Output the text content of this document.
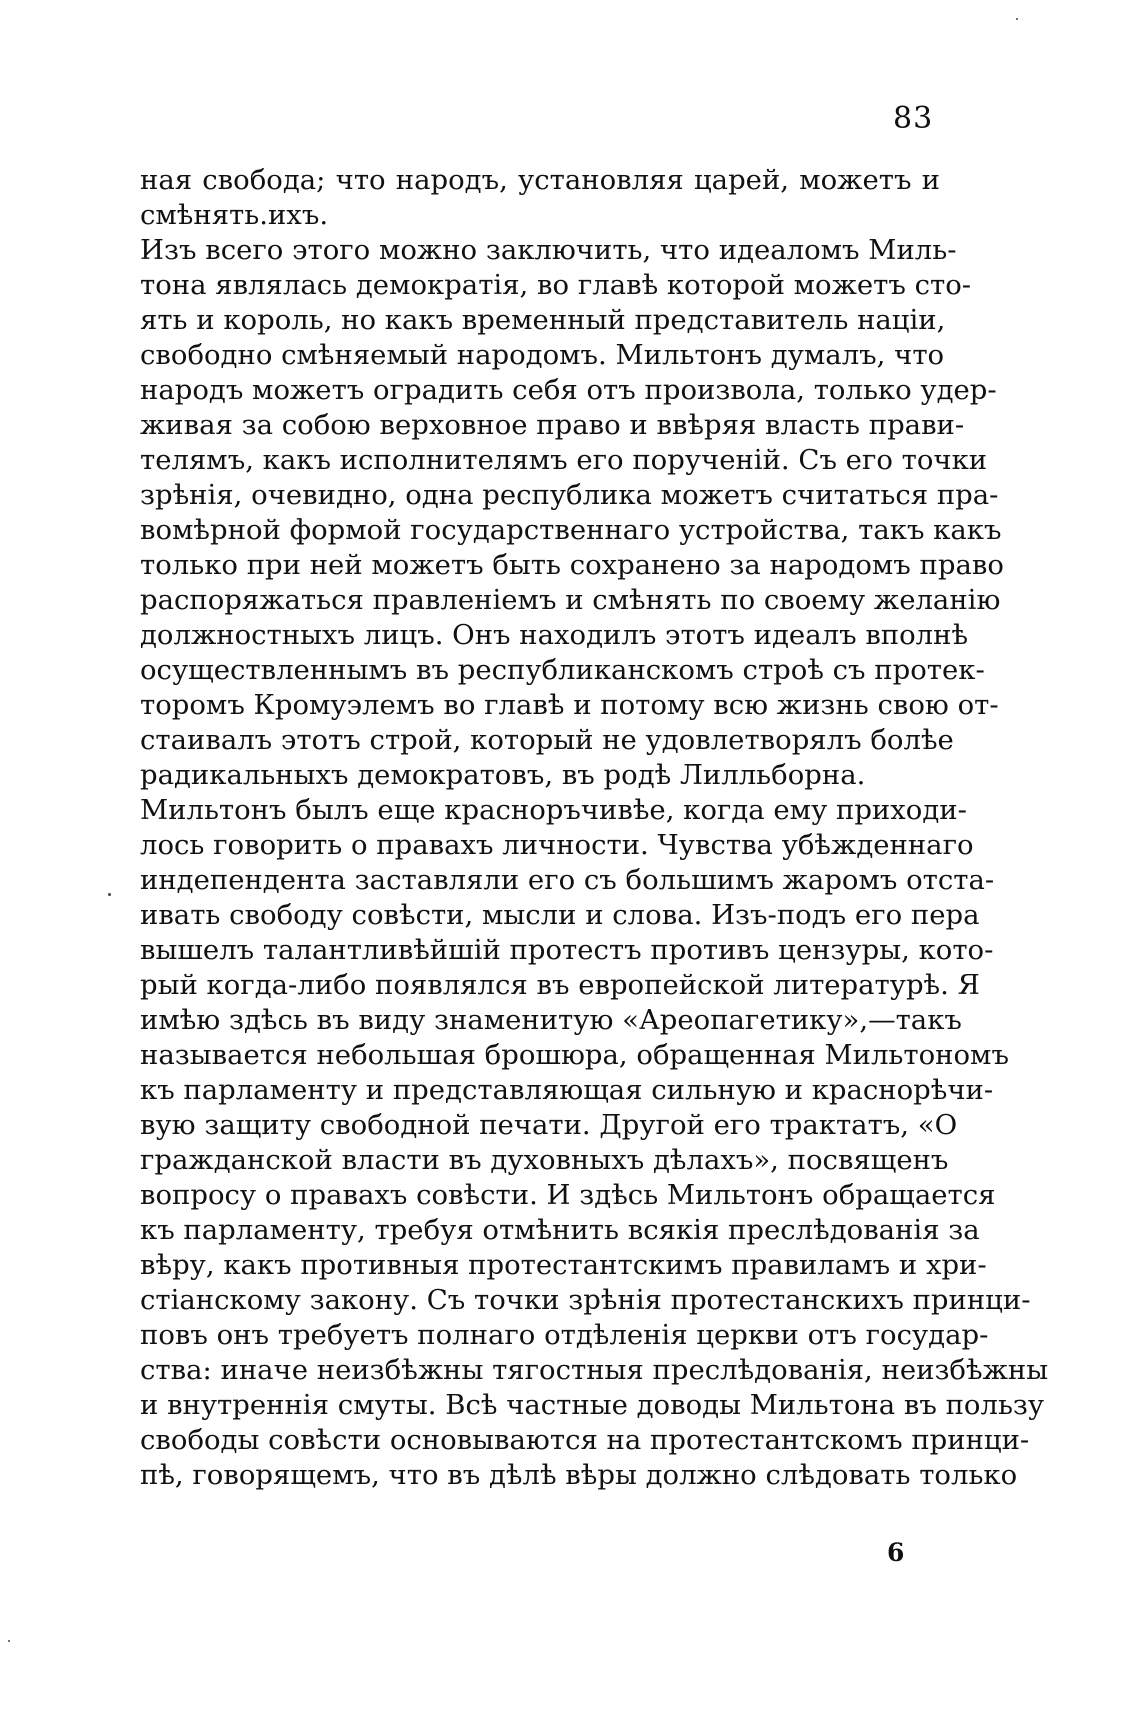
83
ная свобода; что народъ, установляя царей, можетъ и
смѣнять.ихъ.
Изъ всего этого можно заключить, что идеаломъ Миль-
тона являлась демократія, во главѣ которой можетъ сто-
ять и король, но какъ временный представитель націи,
свободно смѣняемый народомъ. Мильтонъ думалъ, что
народъ можетъ оградить себя отъ произвола, только удер-
живая за собою верховное право и ввѣряя власть прави-
телямъ, какъ исполнителямъ его порученій. Съ его точки
зрѣнія, очевидно, одна республика можетъ считаться пра-
вомѣрной формой государственнаго устройства, такъ какъ
только при ней можетъ быть сохранено за народомъ право
распоряжаться правленіемъ и смѣнять по своему желанію
должностныхъ лицъ. Онъ находилъ этотъ идеалъ вполнѣ
осуществленнымъ въ республиканскомъ строѣ съ протек-
торомъ Кромуэлемъ во главѣ и потому всю жизнь свою от-
стаивалъ этотъ строй, который не удовлетворялъ болѣе
радикальныхъ демократовъ, въ родѣ Лилльборна.
Мильтонъ былъ еще красноръчивѣе, когда ему приходи-
лось говорить о правахъ личности. Чувства убѣжденнаго
индепендента заставляли его съ большимъ жаромъ отста-
ивать свободу совѣсти, мысли и слова. Изъ-подъ его пера
вышелъ талантливѣйшій протестъ противъ цензуры, кото-
рый когда-либо появлялся въ европейской литературѣ. Я
имѣю здѣсь въ виду знаменитую «Ареопагетику»,—такъ
называется небольшая брошюра, обращенная Мильтономъ
къ парламенту и представляющая сильную и краснорѣчи-
вую защиту свободной печати. Другой его трактатъ, «О
гражданской власти въ духовныхъ дѣлахъ», посвященъ
вопросу о правахъ совѣсти. И здѣсь Мильтонъ обращается
къ парламенту, требуя отмѣнить всякія преслѣдованія за
вѣру, какъ противныя протестантскимъ правиламъ и хри-
стіанскому закону. Съ точки зрѣнія протестанскихъ принци-
повъ онъ требуетъ полнаго отдѣленія церкви отъ государ-
ства: иначе неизбѣжны тягостныя преслѣдованія, неизбѣжны
и внутреннія смуты. Всѣ частные доводы Мильтона въ пользу
свободы совѣсти основываются на протестантскомъ принци-
пѣ, говорящемъ, что въ дѣлѣ вѣры должно слѣдовать только
6
